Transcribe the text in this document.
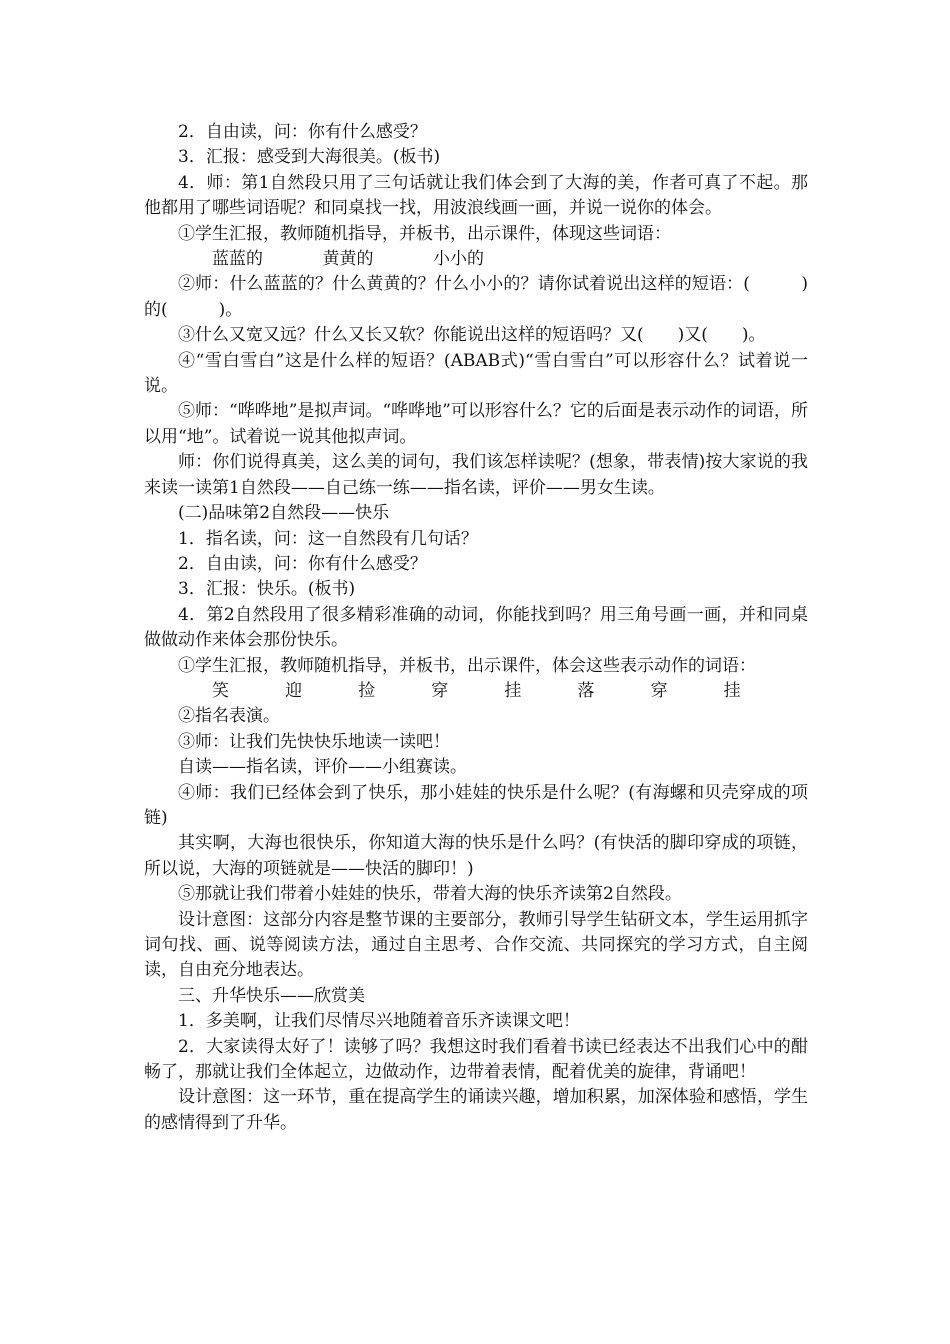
2．自由读，问：你有什么感受？

3．汇报：感受到大海很美。(板书)

4．师：第1自然段只用了三句话就让我们体会到了大海的美，作者可真了不起。那他都用了哪些词语呢？和同桌找一找，用波浪线画一画，并说一说你的体会。

①学生汇报，教师随机指导，并板书，出示课件，体现这些词语：

蓝蓝的	黄黄的	小小的

②师：什么蓝蓝的？什么黄黄的？什么小小的？请你试着说出这样的短语：(　　　)的(　　　)。

③什么又宽又远？什么又长又软？你能说出这样的短语吗？又(　　)又(　　)。

④“雪白雪白”这是什么样的短语？(ABAB式)“雪白雪白”可以形容什么？试着说一说。

⑤师：“哗哗地”是拟声词。“哗哗地”可以形容什么？它的后面是表示动作的词语，所以用“地”。试着说一说其他拟声词。

师：你们说得真美，这么美的词句，我们该怎样读呢？(想象，带表情)按大家说的我来读一读第1自然段——自己练一练——指名读，评价——男女生读。

(二)品味第2自然段——快乐

1．指名读，问：这一自然段有几句话？

2．自由读，问：你有什么感受？

3．汇报：快乐。(板书)

4．第2自然段用了很多精彩准确的动词，你能找到吗？用三角号画一画，并和同桌做做动作来体会那份快乐。

①学生汇报，教师随机指导，并板书，出示课件，体会这些表示动作的词语：

笑	迎	捡	穿	挂	落	穿	挂

②指名表演。

③师：让我们先快快乐地读一读吧！

自读——指名读，评价——小组赛读。

④师：我们已经体会到了快乐，那小娃娃的快乐是什么呢？(有海螺和贝壳穿成的项链)

其实啊，大海也很快乐，你知道大海的快乐是什么吗？(有快活的脚印穿成的项链，所以说，大海的项链就是——快活的脚印！)

⑤那就让我们带着小娃娃的快乐，带着大海的快乐齐读第2自然段。

设计意图：这部分内容是整节课的主要部分，教师引导学生钻研文本，学生运用抓字词句找、画、说等阅读方法，通过自主思考、合作交流、共同探究的学习方式，自主阅读，自由充分地表达。

三、升华快乐——欣赏美

1．多美啊，让我们尽情尽兴地随着音乐齐读课文吧！

2．大家读得太好了！读够了吗？我想这时我们看着书读已经表达不出我们心中的酣畅了，那就让我们全体起立，边做动作，边带着表情，配着优美的旋律，背诵吧！

设计意图：这一环节，重在提高学生的诵读兴趣，增加积累，加深体验和感悟，学生的感情得到了升华。
